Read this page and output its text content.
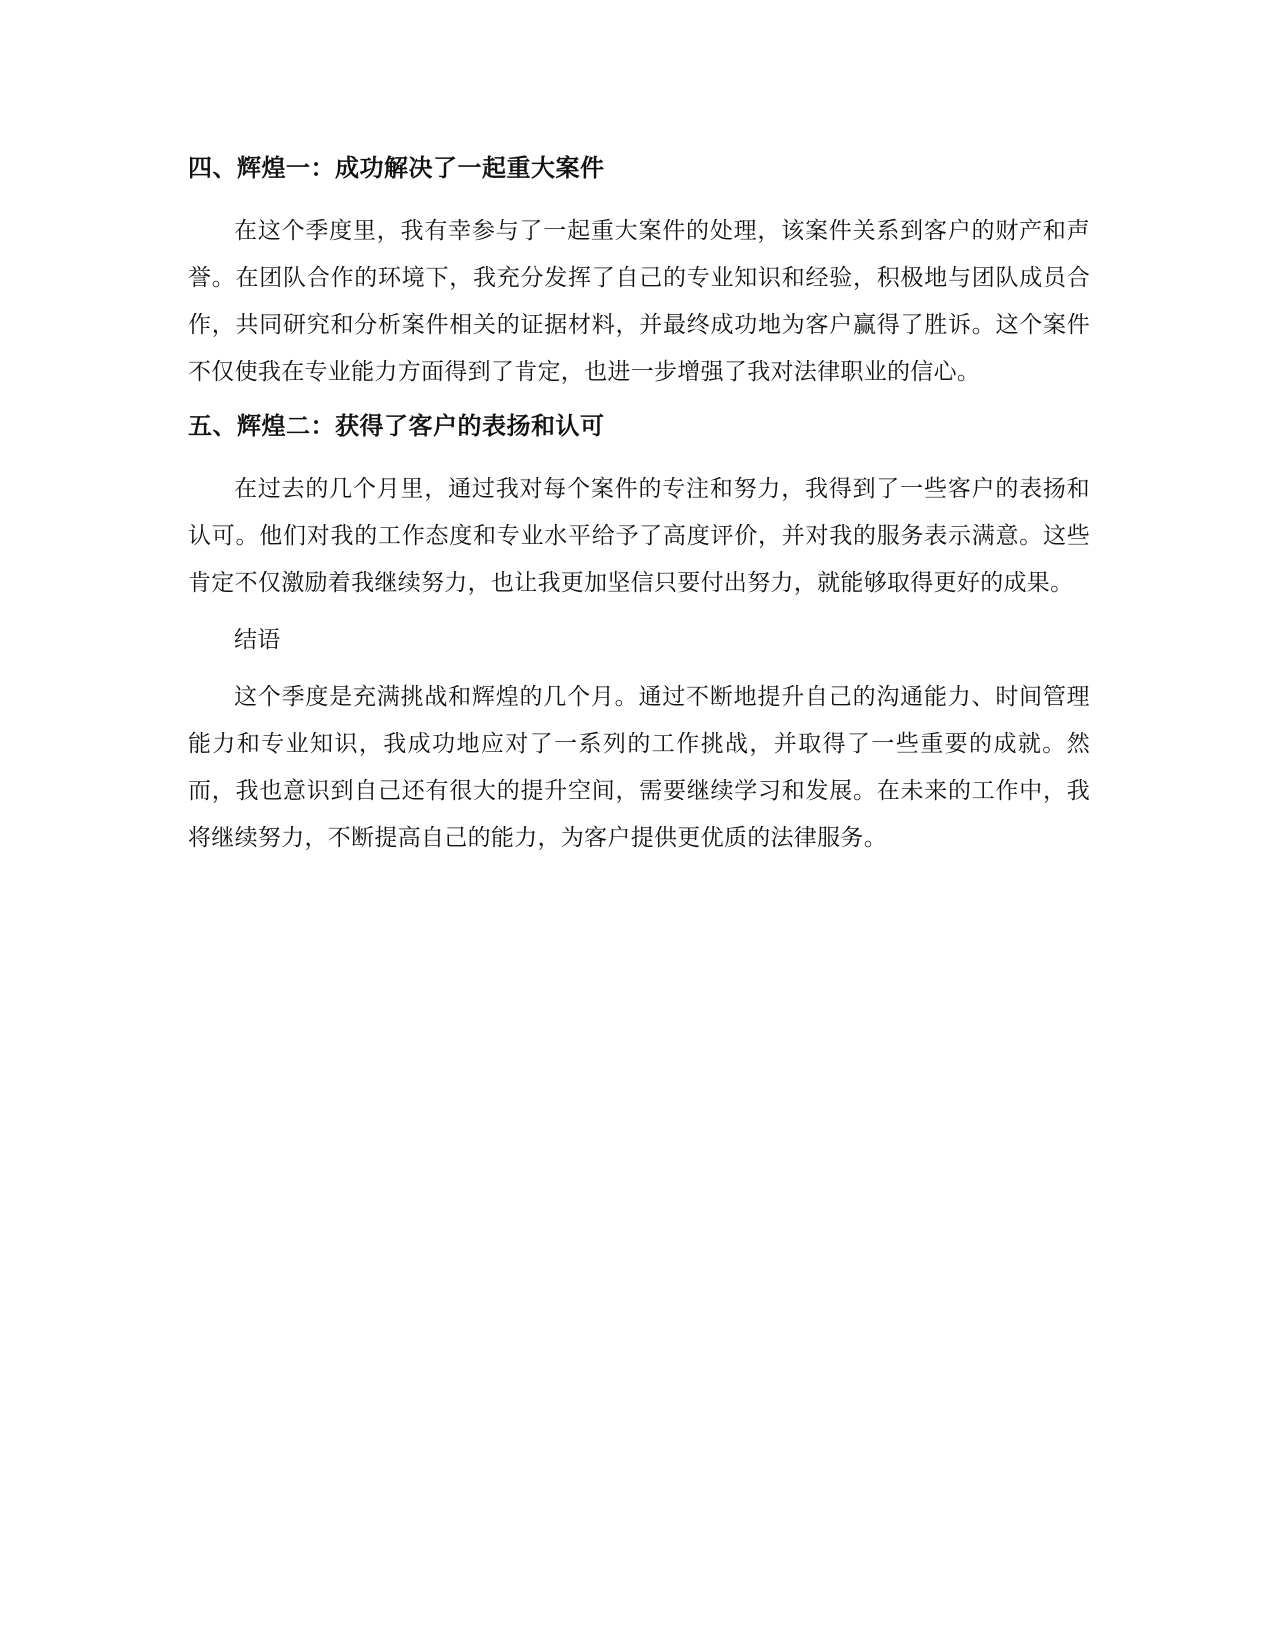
四、辉煌一：成功解决了一起重大案件

在这个季度里，我有幸参与了一起重大案件的处理，该案件关系到客户的财产和声誉。在团队合作的环境下，我充分发挥了自己的专业知识和经验，积极地与团队成员合作，共同研究和分析案件相关的证据材料，并最终成功地为客户赢得了胜诉。这个案件不仅使我在专业能力方面得到了肯定，也进一步增强了我对法律职业的信心。

五、辉煌二：获得了客户的表扬和认可

在过去的几个月里，通过我对每个案件的专注和努力，我得到了一些客户的表扬和认可。他们对我的工作态度和专业水平给予了高度评价，并对我的服务表示满意。这些肯定不仅激励着我继续努力，也让我更加坚信只要付出努力，就能够取得更好的成果。

结语

这个季度是充满挑战和辉煌的几个月。通过不断地提升自己的沟通能力、时间管理能力和专业知识，我成功地应对了一系列的工作挑战，并取得了一些重要的成就。然而，我也意识到自己还有很大的提升空间，需要继续学习和发展。在未来的工作中，我将继续努力，不断提高自己的能力，为客户提供更优质的法律服务。
